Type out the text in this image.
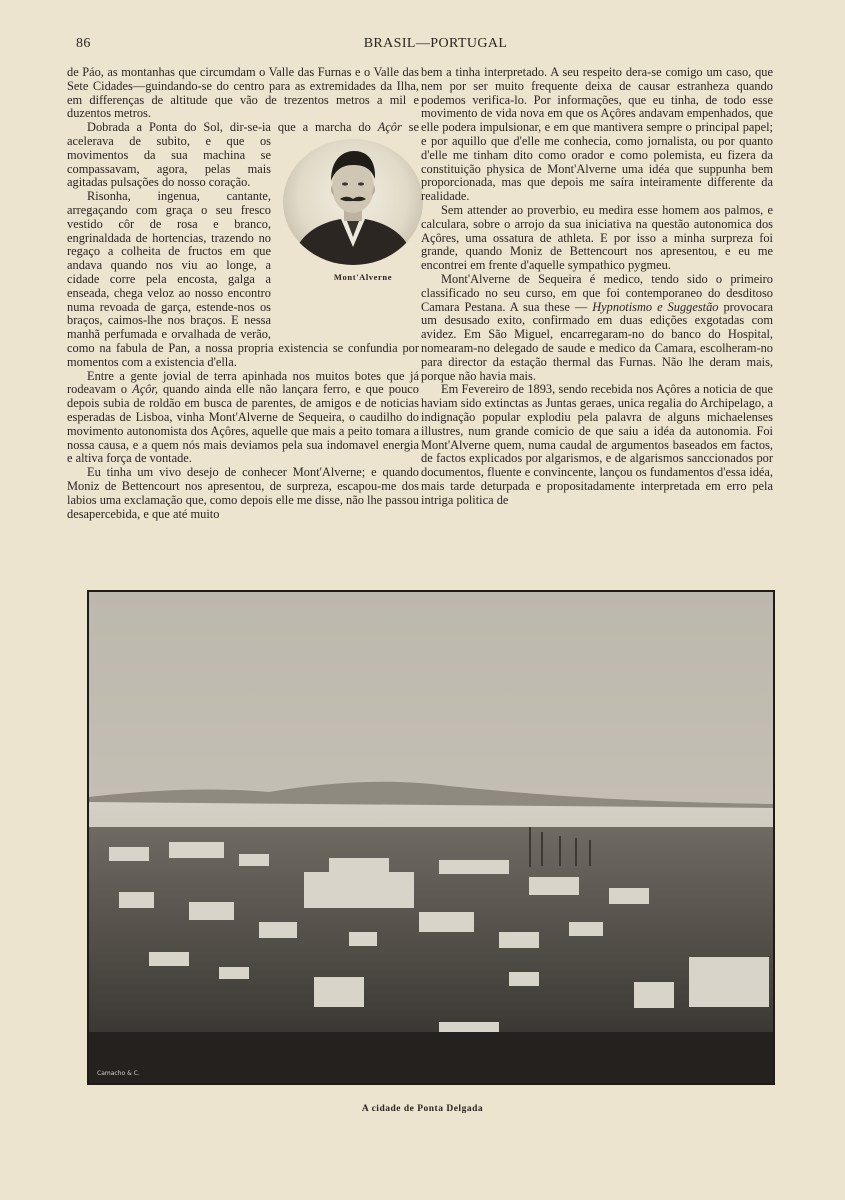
86	BRASIL—PORTUGAL

de Páo, as montanhas que circumdam o Valle das Furnas e o Valle das Sete Cidades—guindando-se do centro para as extremidades da Ilha, em differenças de altitude que vão de trezentos metros a mil e duzentos metros.

Dobrada a Ponta do Sol, dir-se-ia que a marcha do Açôr
Mont'Alverne
se acelerava de subito, e que os movimentos da sua machina se compassavam, agora, pelas mais agitadas pulsações do nosso coração.

Risonha, ingenua, cantante, arregaçando com graça o seu fresco vestido côr de rosa e branco, engrinaldada de hortencias, trazendo no regaço a colheita de fructos em que andava quando nos viu ao longe, a cidade corre pela encosta, galga a enseada, chega veloz ao nosso encontro numa revoada de garça, estende-nos os braços, caimos-lhe nos braços. E nessa manhã perfumada e orvalhada de verão, como na fabula de Pan, a nossa propria existencia se confundia por momentos com a existencia d'ella.

Entre a gente jovial de terra apinhada nos muitos botes que já rodeavam o Açôr, quando ainda elle não lançara ferro, e que pouco depois subia de roldão em busca de parentes, de amigos e de noticias esperadas de Lisboa, vinha Mont'Alverne de Sequeira, o caudilho do movimento autonomista dos Açôres, aquelle que mais a peito tomara a nossa causa, e a quem nós mais deviamos pela sua indomavel energia e altiva força de vontade.

Eu tinha um vivo desejo de conhecer Mont'Alverne; e quando Moniz de Bettencourt nos apresentou, de surpreza, escapou-me dos labios uma exclamação que, como depois elle me disse, não lhe passou desapercebida, e que até muito

bem a tinha interpretado. A seu respeito dera-se comigo um caso, que nem por ser muito frequente deixa de causar estranheza quando podemos verifica-lo. Por informações, que eu tinha, de todo esse movimento de vida nova em que os Açôres andavam empenhados, que elle podera impulsionar, e em que mantivera sempre o principal papel; e por aquillo que d'elle me conhecia, como jornalista, ou por quanto d'elle me tinham dito como orador e como polemista, eu fizera da constituição physica de Mont'Alverne uma idéa que suppunha bem proporcionada, mas que depois me saíra inteiramente differente da realidade.

Sem attender ao proverbio, eu medira esse homem aos palmos, e calculara, sobre o arrojo da sua iniciativa na questão autonomica dos Açôres, uma ossatura de athleta. E por isso a minha surpreza foi grande, quando Moniz de Bettencourt nos apresentou, e eu me encontrei em frente d'aquelle sympathico pygmeu.

Mont'Alverne de Sequeira é medico, tendo sido o primeiro classificado no seu curso, em que foi contemporaneo do desditoso Camara Pestana. A sua these — Hypnotismo e Suggestão provocara um desusado exito, confirmado em duas edições exgotadas com avidez. Em São Miguel, encarregaram-no do banco do Hospital, nomearam-no delegado de saude e medico da Camara, escolheram-no para director da estação thermal das Furnas. Não lhe deram mais, porque não havia mais.

Em Fevereiro de 1893, sendo recebida nos Açôres a noticia de que haviam sido extinctas as Juntas geraes, unica regalia do Archipelago, a indignação popular explodiu pela palavra de alguns michaelenses illustres, num grande comicio de que saiu a idéa da autonomia. Foi Mont'Alverne quem, numa caudal de argumentos baseados em factos, de factos explicados por algarismos, e de algarismos sanccionados por documentos, fluente e convincente, lançou os fundamentos d'essa idéa, mais tarde deturpada e propositadamente interpretada em erro pela intriga politica de

Camacho & C.
A cidade de Ponta Delgada
